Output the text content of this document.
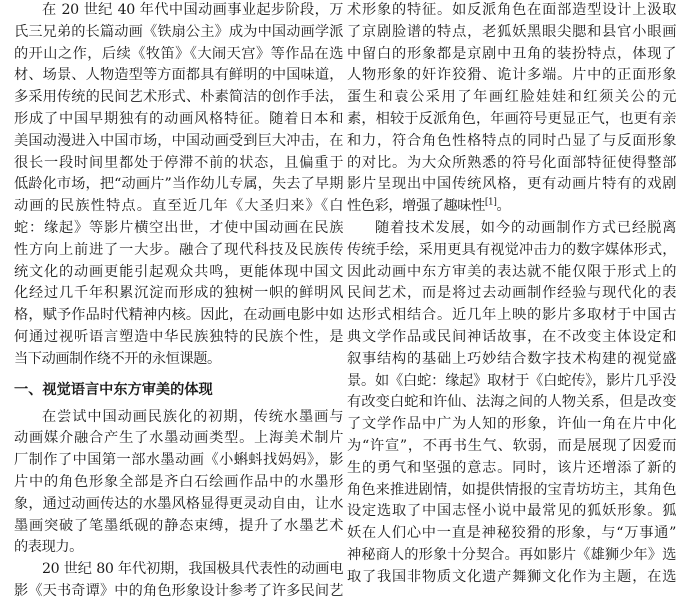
在 20 世纪 40 年代中国动画事业起步阶段，万
氏三兄弟的长篇动画《铁扇公主》成为中国动画学派
的开山之作，后续《牧笛》《大闹天宫》等作品在选
材、场景、人物造型等方面都具有鲜明的中国味道，
多采用传统的民间艺术形式、朴素简洁的创作手法，
形成了中国早期独有的动画风格特征。随着日本和
美国动漫进入中国市场，中国动画受到巨大冲击，在
很长一段时间里都处于停滞不前的状态，且偏重于
低龄化市场，把“动画片”当作幼儿专属，失去了早期
动画的民族性特点。直至近几年《大圣归来》《白
蛇：缘起》等影片横空出世，才使中国动画在民族
性方向上前进了一大步。融合了现代科技及民族传
统文化的动画更能引起观众共鸣，更能体现中国文
化经过几千年积累沉淀而形成的独树一帜的鲜明风
格，赋予作品时代精神内核。因此，在动画电影中如
何通过视听语言塑造中华民族独特的民族个性，是
当下动画制作绕不开的永恒课题。
一、视觉语言中东方审美的体现
在尝试中国动画民族化的初期，传统水墨画与
动画媒介融合产生了水墨动画类型。上海美术制片
厂制作了中国第一部水墨动画《小蝌蚪找妈妈》，影
片中的角色形象全部是齐白石绘画作品中的水墨形
象，通过动画传达的水墨风格显得更灵动自由，让水
墨画突破了笔墨纸砚的静态束缚，提升了水墨艺术
的表现力。
20 世纪 80 年代初期，我国极具代表性的动画电
影《天书奇谭》中的角色形象设计参考了许多民间艺
术形象的特征。如反派角色在面部造型设计上汲取
了京剧脸谱的特点，老狐妖黑眼尖腮和县官小眼画
中留白的形象都是京剧中丑角的装扮特点，体现了
人物形象的奸诈狡猾、诡计多端。片中的正面形象
蛋生和袁公采用了年画红脸娃娃和红须关公的元
素，相较于反派角色，年画符号更显正气，也更有亲
和力，符合角色性格特点的同时凸显了与反面形象
的对比。为大众所熟悉的符号化面部特征使得整部
影片呈现出中国传统风格，更有动画片特有的戏剧
性色彩，增强了趣味性[1]。
随着技术发展，如今的动画制作方式已经脱离
传统手绘，采用更具有视觉冲击力的数字媒体形式，
因此动画中东方审美的表达就不能仅限于形式上的
民间艺术，而是将过去动画制作经验与现代化的表
达形式相结合。近几年上映的影片多取材于中国古
典文学作品或民间神话故事，在不改变主体设定和
叙事结构的基础上巧妙结合数字技术构建的视觉盛
景。如《白蛇：缘起》取材于《白蛇传》，影片几乎没
有改变白蛇和许仙、法海之间的人物关系，但是改变
了文学作品中广为人知的形象，许仙一角在片中化
为“许宣”，不再书生气、软弱，而是展现了因爱而
生的勇气和坚强的意志。同时，该片还增添了新的
角色来推进剧情，如提供情报的宝青坊坊主，其角色
设定选取了中国志怪小说中最常见的狐妖形象。狐
妖在人们心中一直是神秘狡猾的形象，与“万事通”
神秘商人的形象十分契合。再如影片《雄狮少年》选
取了我国非物质文化遗产舞狮文化作为主题，在选
